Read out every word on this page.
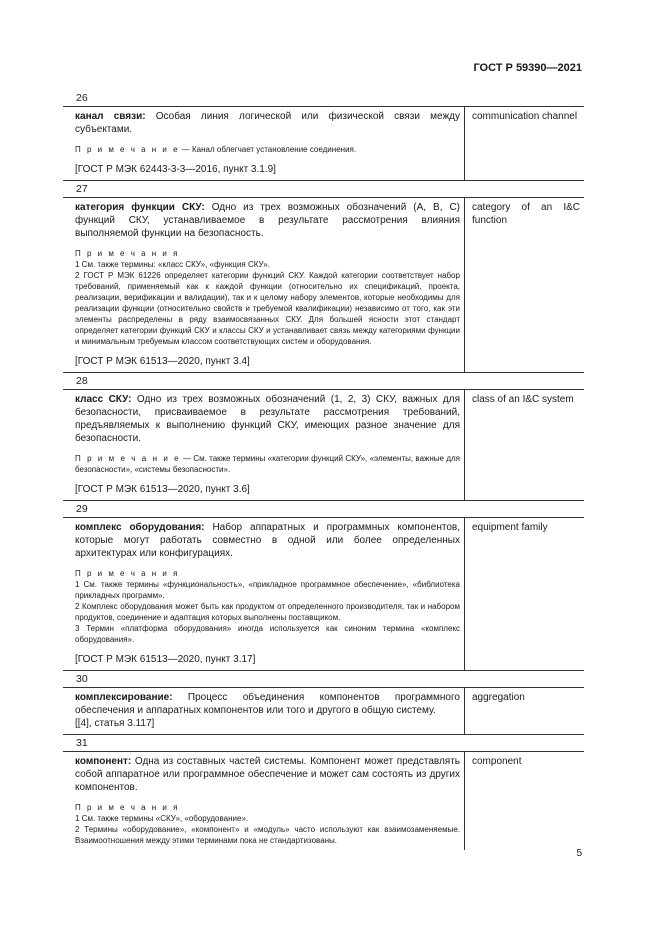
ГОСТ Р 59390—2021
26
канал связи: Особая линия логической или физической связи между субъектами.
П р и м е ч а н и е — Канал облегчает установление соединения.
[ГОСТ Р МЭК 62443-3-3—2016, пункт 3.1.9]
communication channel
27
категория функции СКУ: Одно из трех возможных обозначений (A, B, C) функций СКУ, устанавливаемое в результате рассмотрения влияния выполняемой функции на безопасность.
П р и м е ч а н и я
1 См. также термины: «класс СКУ», «функция СКУ».
2 ГОСТ Р МЭК 61226 определяет категории функций СКУ. Каждой категории соответствует набор требований, применяемый как к каждой функции (относительно их спецификаций, проекта, реализации, верификации и валидации), так и к целому набору элементов, которые необходимы для реализации функции (относительно свойств и требуемой квалификации) независимо от того, как эти элементы распределены в ряду взаимосвязанных СКУ. Для большей ясности этот стандарт определяет категории функций СКУ и классы СКУ и устанавливает связь между категориями функции и минимальным требуемым классом соответствующих систем и оборудования.
[ГОСТ Р МЭК 61513—2020, пункт 3.4]
category of an I&C function
28
класс СКУ: Одно из трех возможных обозначений (1, 2, 3) СКУ, важных для безопасности, присваиваемое в результате рассмотрения требований, предъявляемых к выполнению функций СКУ, имеющих разное значение для безопасности.
П р и м е ч а н и е — См. также термины «категории функций СКУ», «элементы, важные для безопасности», «системы безопасности».
[ГОСТ Р МЭК 61513—2020, пункт 3.6]
class of an I&C system
29
комплекс оборудования: Набор аппаратных и программных компонентов, которые могут работать совместно в одной или более определенных архитектурах или конфигурациях.
П р и м е ч а н и я
1 См. также термины «функциональность», «прикладное программное обеспечение», «библиотека прикладных программ».
2 Комплекс оборудования может быть как продуктом от определенного производителя, так и набором продуктов, соединение и адаптация которых выполнены поставщиком.
3 Термин «платформа оборудования» иногда используется как синоним термина «комплекс оборудования».
[ГОСТ Р МЭК 61513—2020, пункт 3.17]
equipment family
30
комплексирование: Процесс объединения компонентов программного обеспечения и аппаратных компонентов или того и другого в общую систему.
[[4], статья 3.117]
aggregation
31
компонент: Одна из составных частей системы. Компонент может представлять собой аппаратное или программное обеспечение и может сам состоять из других компонентов.
П р и м е ч а н и я
1 См. также термины «СКУ», «оборудование».
2 Термины «оборудование», «компонент» и «модуль» часто используют как взаимозаменяемые. Взаимоотношения между этими терминами пока не стандартизованы.
component
5
